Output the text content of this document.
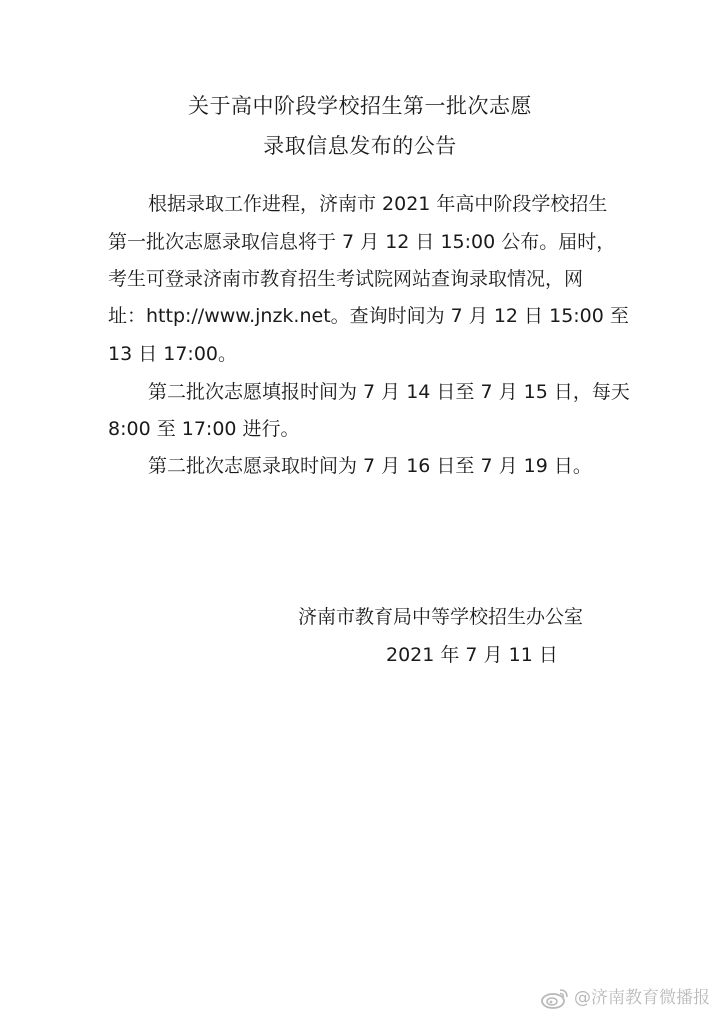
关于高中阶段学校招生第一批次志愿
录取信息发布的公告
根据录取工作进程，济南市 2021 年高中阶段学校招生
第一批次志愿录取信息将于 7 月 12 日 15:00 公布。届时，
考生可登录济南市教育招生考试院网站查询录取情况，网
址：http://www.jnzk.net。查询时间为 7 月 12 日 15:00 至
13 日 17:00。
第二批次志愿填报时间为 7 月 14 日至 7 月 15 日，每天
8:00 至 17:00 进行。
第二批次志愿录取时间为 7 月 16 日至 7 月 19 日。
济南市教育局中等学校招生办公室
2021 年 7 月 11 日
@济南教育微播报
